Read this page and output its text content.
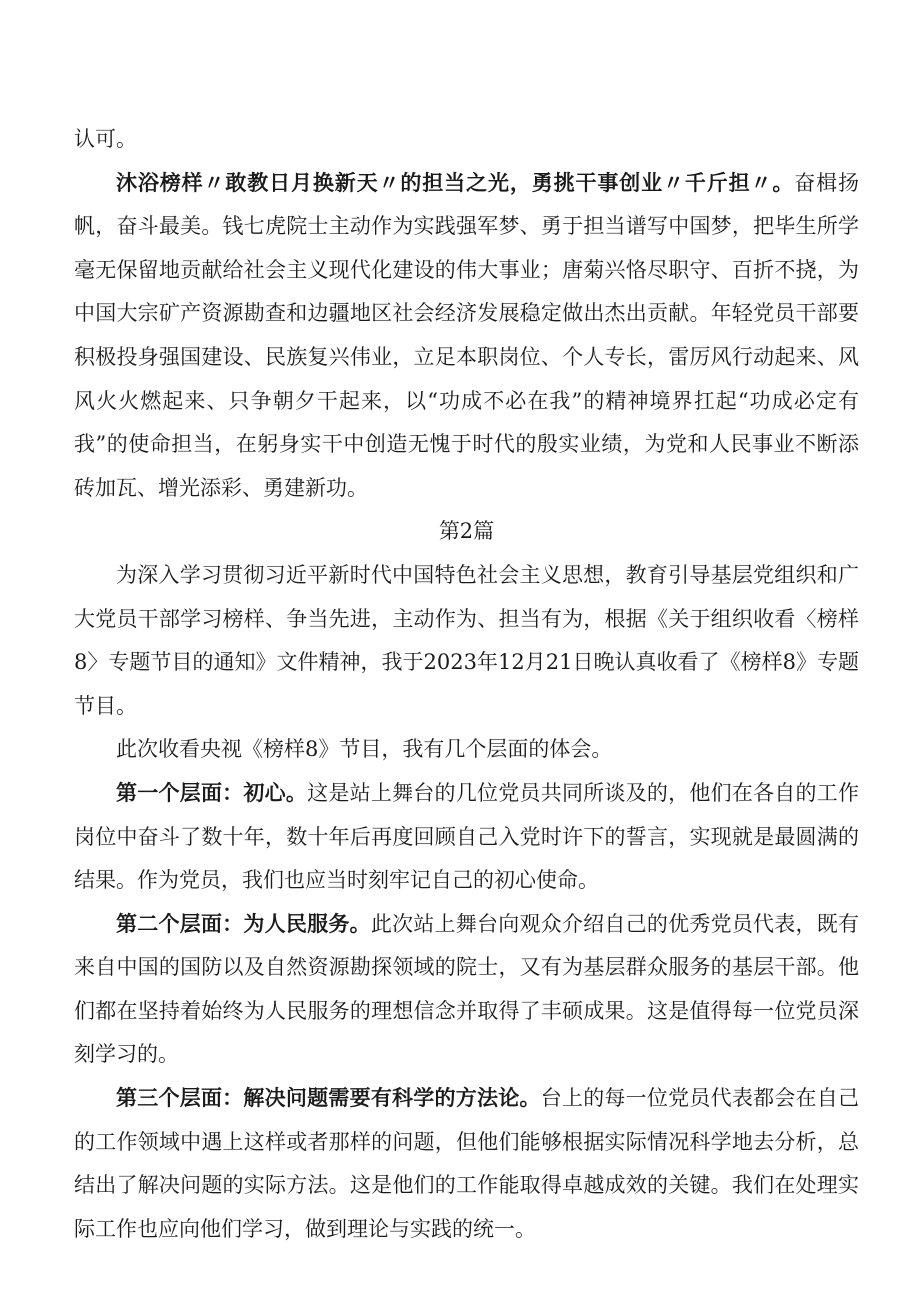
认可。

沐浴榜样〃敢教日月换新天〃的担当之光，勇挑干事创业〃千斤担〃。奋楫扬帆，奋斗最美。钱七虎院士主动作为实践强军梦、勇于担当谱写中国梦，把毕生所学毫无保留地贡献给社会主义现代化建设的伟大事业；唐菊兴恪尽职守、百折不挠，为中国大宗矿产资源勘查和边疆地区社会经济发展稳定做出杰出贡献。年轻党员干部要积极投身强国建设、民族复兴伟业，立足本职岗位、个人专长，雷厉风行动起来、风风火火燃起来、只争朝夕干起来，以“功成不必在我”的精神境界扛起“功成必定有我”的使命担当，在躬身实干中创造无愧于时代的殷实业绩，为党和人民事业不断添砖加瓦、增光添彩、勇建新功。

第2篇

为深入学习贯彻习近平新时代中国特色社会主义思想，教育引导基层党组织和广大党员干部学习榜样、争当先进，主动作为、担当有为，根据《关于组织收看〈榜样8〉专题节目的通知》文件精神，我于2023年12月21日晚认真收看了《榜样8》专题节目。

此次收看央视《榜样8》节目，我有几个层面的体会。

第一个层面：初心。这是站上舞台的几位党员共同所谈及的，他们在各自的工作岗位中奋斗了数十年，数十年后再度回顾自己入党时许下的誓言，实现就是最圆满的结果。作为党员，我们也应当时刻牢记自己的初心使命。

第二个层面：为人民服务。此次站上舞台向观众介绍自己的优秀党员代表，既有来自中国的国防以及自然资源勘探领域的院士，又有为基层群众服务的基层干部。他们都在坚持着始终为人民服务的理想信念并取得了丰硕成果。这是值得每一位党员深刻学习的。

第三个层面：解决问题需要有科学的方法论。台上的每一位党员代表都会在自己的工作领域中遇上这样或者那样的问题，但他们能够根据实际情况科学地去分析，总结出了解决问题的实际方法。这是他们的工作能取得卓越成效的关键。我们在处理实际工作也应向他们学习，做到理论与实践的统一。
